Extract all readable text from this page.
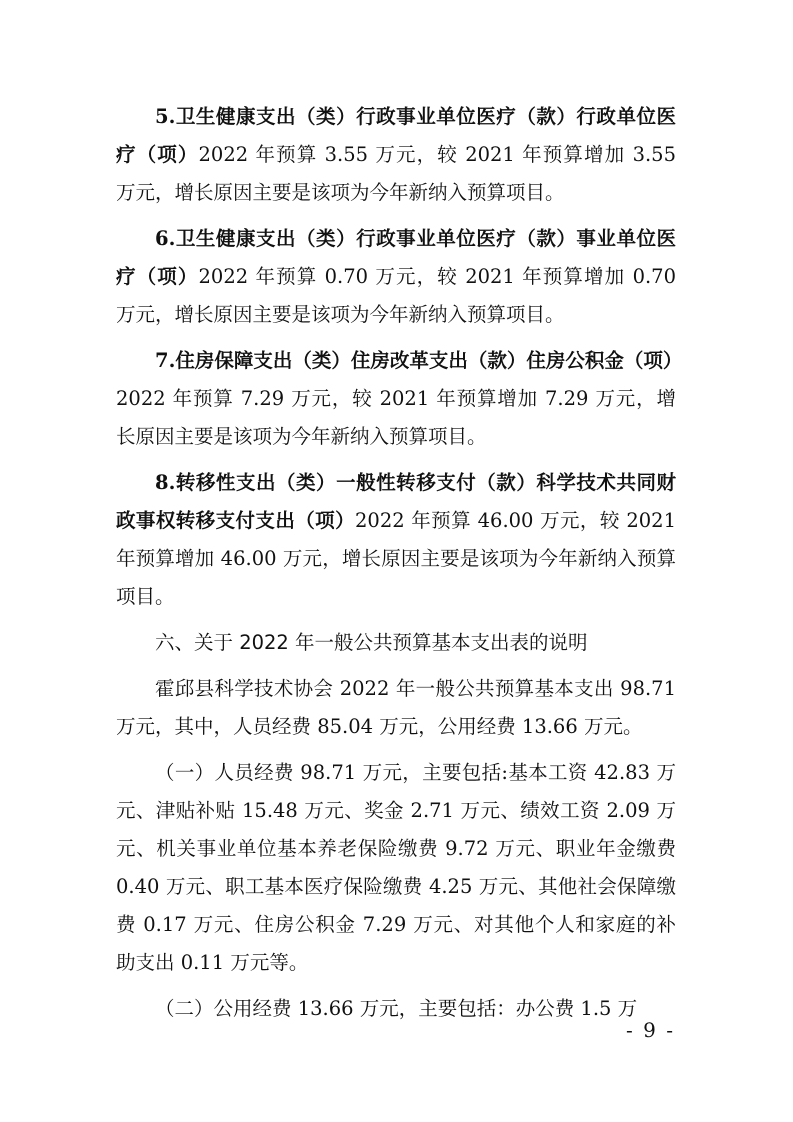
5.卫生健康支出（类）行政事业单位医疗（款）行政单位医疗（项）2022 年预算 3.55 万元，较 2021 年预算增加 3.55 万元，增长原因主要是该项为今年新纳入预算项目。

6.卫生健康支出（类）行政事业单位医疗（款）事业单位医疗（项）2022 年预算 0.70 万元，较 2021 年预算增加 0.70 万元，增长原因主要是该项为今年新纳入预算项目。

7.住房保障支出（类）住房改革支出（款）住房公积金（项）2022 年预算 7.29 万元，较 2021 年预算增加 7.29 万元，增长原因主要是该项为今年新纳入预算项目。

8.转移性支出（类）一般性转移支付（款）科学技术共同财政事权转移支付支出（项）2022 年预算 46.00 万元，较 2021 年预算增加 46.00 万元，增长原因主要是该项为今年新纳入预算项目。

六、关于 2022 年一般公共预算基本支出表的说明

霍邱县科学技术协会 2022 年一般公共预算基本支出 98.71 万元，其中，人员经费 85.04 万元，公用经费 13.66 万元。

（一）人员经费 98.71 万元，主要包括:基本工资 42.83 万元、津贴补贴 15.48 万元、奖金 2.71 万元、绩效工资 2.09 万元、机关事业单位基本养老保险缴费 9.72 万元、职业年金缴费 0.40 万元、职工基本医疗保险缴费 4.25 万元、其他社会保障缴费 0.17 万元、住房公积金 7.29 万元、对其他个人和家庭的补助支出 0.11 万元等。

（二）公用经费 13.66 万元，主要包括：办公费 1.5 万

- 9 -
